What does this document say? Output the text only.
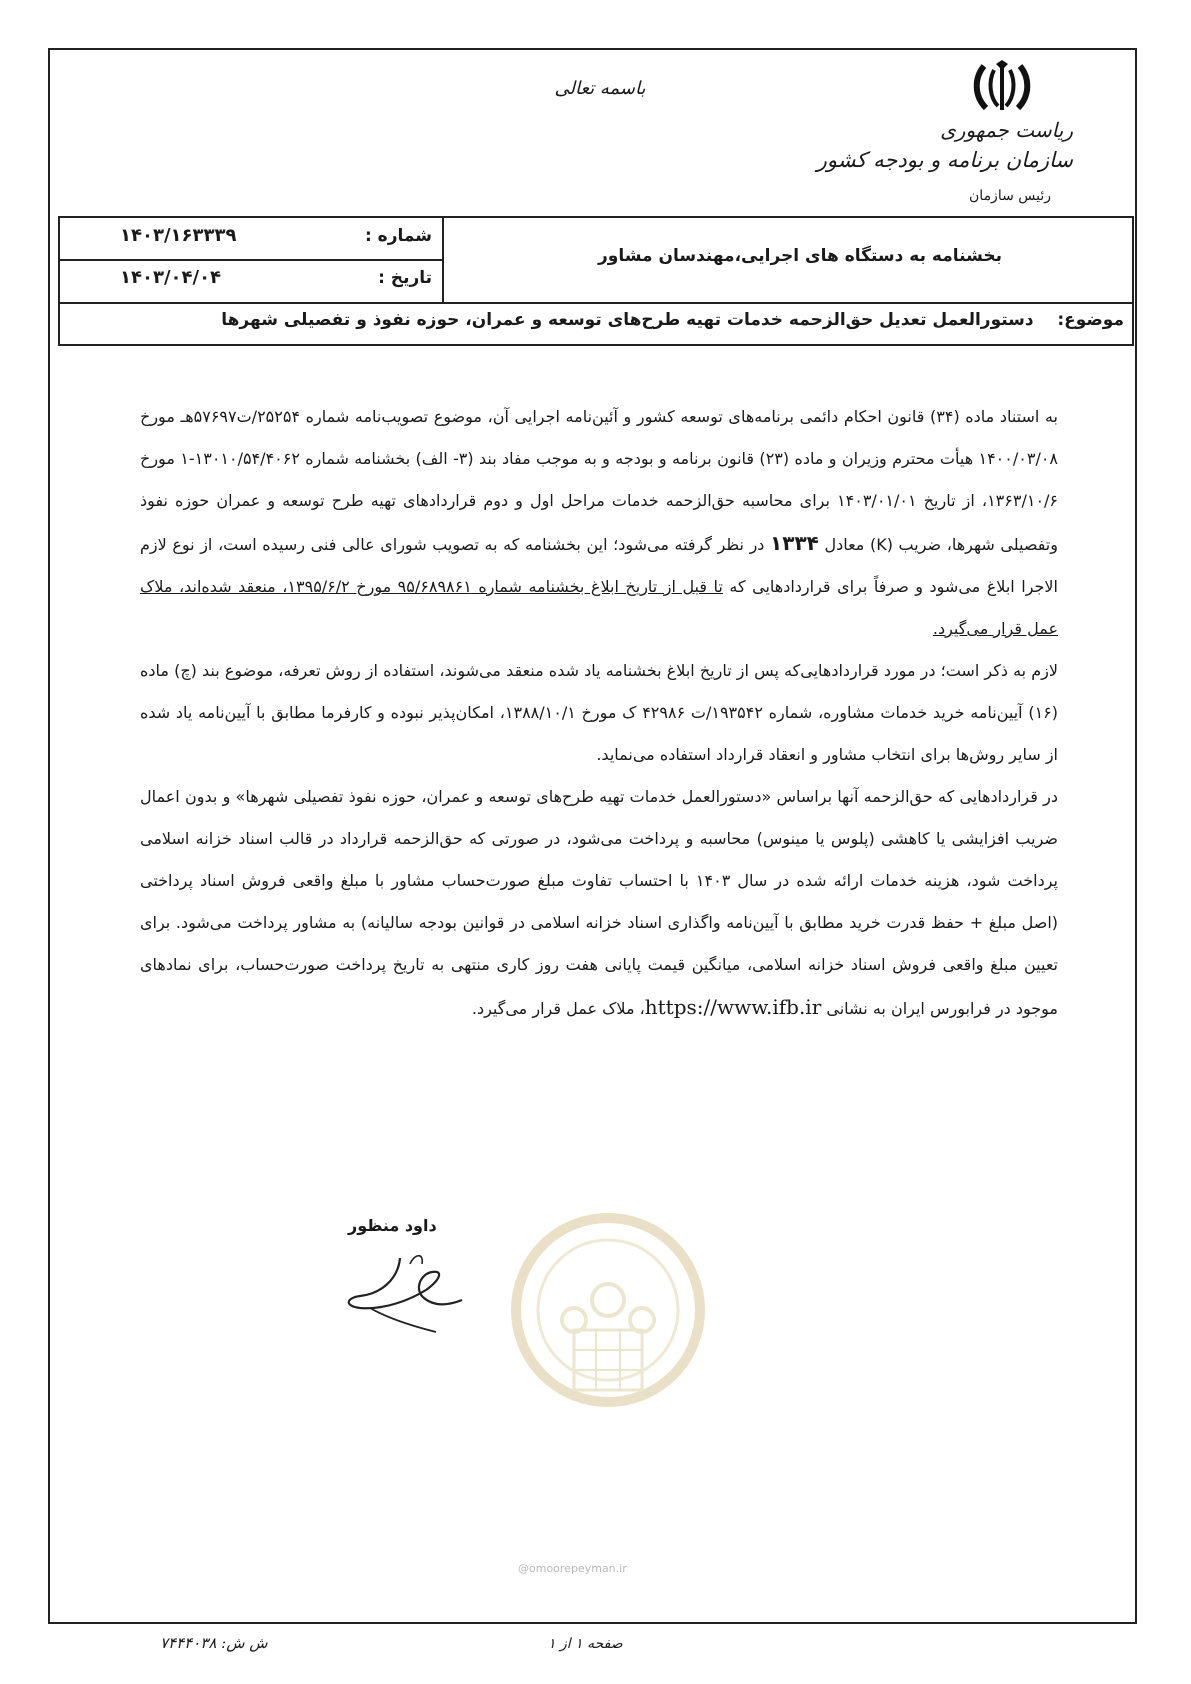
باسمه تعالی
ریاست جمهوری
سازمان برنامه و بودجه کشور
رئیس سازمان
شماره :
۱۴۰۳/۱۶۳۳۳۹
تاریخ :
۱۴۰۳/۰۴/۰۴
بخشنامه به دستگاه های اجرایی،مهندسان مشاور
موضوع:    دستورالعمل تعدیل حق‌الزحمه خدمات تهیه طرح‌های توسعه و عمران، حوزه نفوذ و تفصیلی شهرها

به استناد ماده (۳۴) قانون احکام دائمی برنامه‌های توسعه کشور و آئین‌نامه اجرایی آن، موضوع تصویب‌نامه شماره ۲۵۲۵۴/ت۵۷۶۹۷هـ مورخ ۱۴۰۰/۰۳/۰۸ هیأت محترم وزیران و ماده (۲۳) قانون برنامه و بودجه و به موجب مفاد بند (۳- الف) بخشنامه شماره ۱۳۰۱۰/۵۴/۴۰۶۲-۱ مورخ ۱۳۶۳/۱۰/۶، از تاریخ ۱۴۰۳/۰۱/۰۱ برای محاسبه حق‌الزحمه خدمات مراحل اول و دوم قراردادهای تهیه طرح توسعه و عمران حوزه نفوذ وتفصیلی شهرها، ضریب (K) معادل ۱۳۳۴ در نظر گرفته می‌شود؛ این بخشنامه که به تصویب شورای عالی فنی رسیده است، از نوع لازم الاجرا ابلاغ می‌شود و صرفاً برای قراردادهایی که تا قبل از تاریخ ابلاغ بخشنامه شماره ۹۵/۶۸۹۸۶۱ مورخ ۱۳۹۵/۶/۲، منعقد شده‌اند، ملاک عمل قرار می‌گیرد.

لازم به ذکر است؛ در مورد قراردادهایی‌که پس از تاریخ ابلاغ بخشنامه یاد شده منعقد می‌شوند، استفاده از روش تعرفه، موضوع بند (چ) ماده (۱۶) آیین‌نامه خرید خدمات مشاوره، شماره ۱۹۳۵۴۲/ت ۴۲۹۸۶ ک مورخ ۱۳۸۸/۱۰/۱، امکان‌پذیر نبوده و کارفرما مطابق با آیین‌نامه یاد شده از سایر روش‌ها برای انتخاب مشاور و انعقاد قرارداد استفاده می‌نماید.

در قراردادهایی که حق‌الزحمه آنها براساس «دستورالعمل خدمات تهیه طرح‌های توسعه و عمران، حوزه نفوذ تفصیلی شهرها» و بدون اعمال ضریب افزایشی یا کاهشی (پلوس یا مینوس) محاسبه و پرداخت می‌شود، در صورتی که حق‌الزحمه قرارداد در قالب اسناد خزانه اسلامی پرداخت شود، هزینه خدمات ارائه شده در سال ۱۴۰۳ با احتساب تفاوت مبلغ صورت‌حساب مشاور با مبلغ واقعی فروش اسناد پرداختی (اصل مبلغ + حفظ قدرت خرید مطابق با آیین‌نامه واگذاری اسناد خزانه اسلامی در قوانین بودجه سالیانه) به مشاور پرداخت می‌شود. برای تعیین مبلغ واقعی فروش اسناد خزانه اسلامی، میانگین قیمت پایانی هفت روز کاری منتهی به تاریخ پرداخت صورت‌حساب، برای نمادهای موجود در فرابورس ایران به نشانی https://www.ifb.ir، ملاک عمل قرار می‌گیرد.

@omoorepeyman.ir
داود منظور
صفحه ۱ از ۱
ش ش: ۷۴۴۴۰۳۸
